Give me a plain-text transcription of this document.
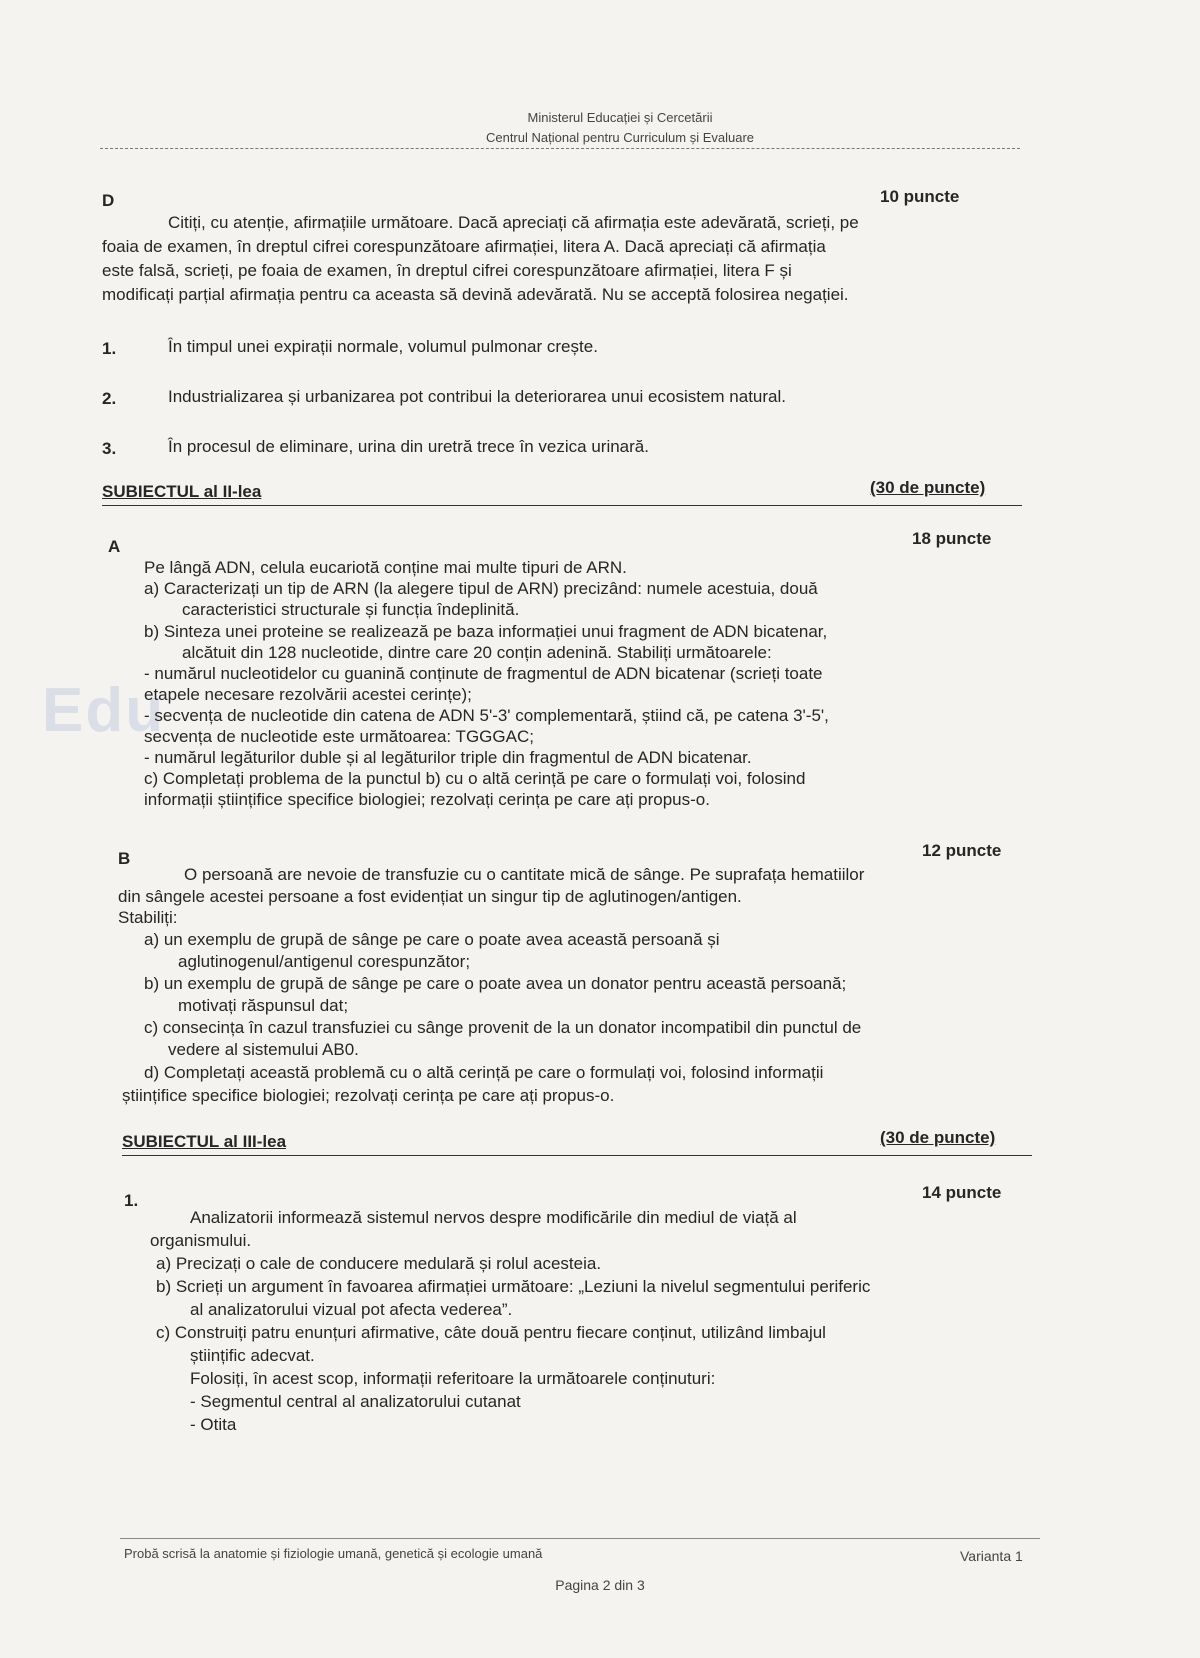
Ministerul Educației și Cercetării
Centrul Național pentru Curriculum și Evaluare
Edu
D	10 puncte
Citiți, cu atenție, afirmațiile următoare. Dacă apreciați că afirmația este adevărată, scrieți, pe
foaia de examen, în dreptul cifrei corespunzătoare afirmației, litera A. Dacă apreciați că afirmația
este falsă, scrieți, pe foaia de examen, în dreptul cifrei corespunzătoare afirmației, litera F și
modificați parțial afirmația pentru ca aceasta să devină adevărată. Nu se acceptă folosirea negației.
1.	În timpul unei expirații normale, volumul pulmonar crește.
2.	Industrializarea și urbanizarea pot contribui la deteriorarea unui ecosistem natural.
3.	În procesul de eliminare, urina din uretră trece în vezica urinară.
SUBIECTUL al II-lea	(30 de puncte)
A	18 puncte
Pe lângă ADN, celula eucariotă conține mai multe tipuri de ARN.
a) Caracterizați un tip de ARN (la alegere tipul de ARN) precizând: numele acestuia, două
caracteristici structurale și funcția îndeplinită.
b) Sinteza unei proteine se realizează pe baza informației unui fragment de ADN bicatenar,
alcătuit din 128 nucleotide, dintre care 20 conțin adenină. Stabiliți următoarele:
- numărul nucleotidelor cu guanină conținute de fragmentul de ADN bicatenar (scrieți toate
etapele necesare rezolvării acestei cerințe);
- secvența de nucleotide din catena de ADN 5'-3' complementară, știind că, pe catena 3'-5',
secvența de nucleotide este următoarea: TGGGAC;
- numărul legăturilor duble și al legăturilor triple din fragmentul de ADN bicatenar.
c) Completați problema de la punctul b) cu o altă cerință pe care o formulați voi, folosind
informații științifice specifice biologiei; rezolvați cerința pe care ați propus-o.
B	12 puncte
O persoană are nevoie de transfuzie cu o cantitate mică de sânge. Pe suprafața hematiilor
din sângele acestei persoane a fost evidențiat un singur tip de aglutinogen/antigen.
Stabiliți:
a) un exemplu de grupă de sânge pe care o poate avea această persoană și
aglutinogenul/antigenul corespunzător;
b) un exemplu de grupă de sânge pe care o poate avea un donator pentru această persoană;
motivați răspunsul dat;
c) consecința în cazul transfuziei cu sânge provenit de la un donator incompatibil din punctul de
vedere al sistemului AB0.
d) Completați această problemă cu o altă cerință pe care o formulați voi, folosind informații
științifice specifice biologiei; rezolvați cerința pe care ați propus-o.
SUBIECTUL al III-lea	(30 de puncte)
1.	14 puncte
Analizatorii informează sistemul nervos despre modificările din mediul de viață al
organismului.
a) Precizați o cale de conducere medulară și rolul acesteia.
b) Scrieți un argument în favoarea afirmației următoare: „Leziuni la nivelul segmentului periferic
al analizatorului vizual pot afecta vederea”.
c) Construiți patru enunțuri afirmative, câte două pentru fiecare conținut, utilizând limbajul
științific adecvat.
Folosiți, în acest scop, informații referitoare la următoarele conținuturi:
- Segmentul central al analizatorului cutanat
- Otita
Probă scrisă la anatomie și fiziologie umană, genetică și ecologie umană	Varianta 1
Pagina 2 din 3
